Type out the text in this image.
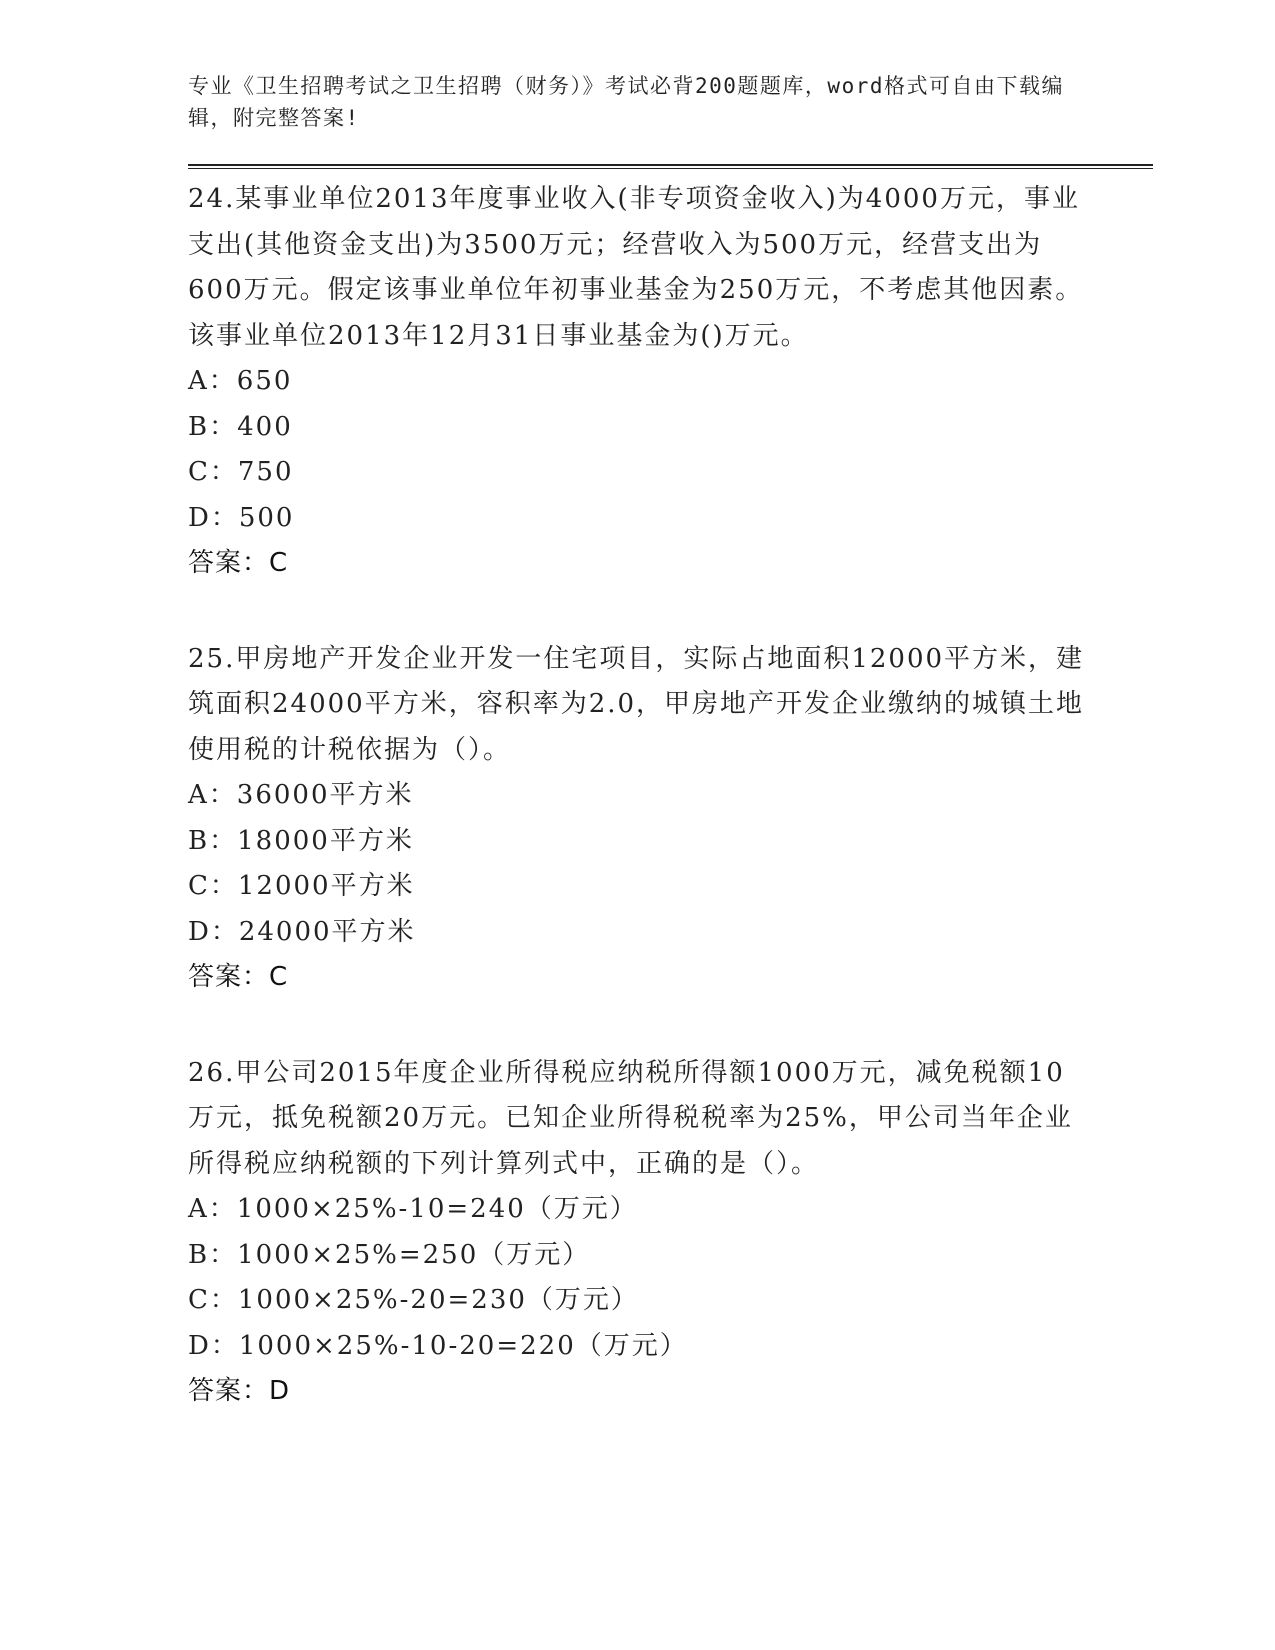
专业《卫生招聘考试之卫生招聘（财务）》考试必背200题题库，word格式可自由下载编辑，附完整答案!
24.某事业单位2013年度事业收入(非专项资金收入)为4000万元，事业支出(其他资金支出)为3500万元；经营收入为500万元，经营支出为600万元。假定该事业单位年初事业基金为250万元，不考虑其他因素。该事业单位2013年12月31日事业基金为()万元。
A：650
B：400
C：750
D：500
答案：C
25.甲房地产开发企业开发一住宅项目，实际占地面积12000平方米，建筑面积24000平方米，容积率为2.0，甲房地产开发企业缴纳的城镇土地使用税的计税依据为（）。
A：36000平方米
B：18000平方米
C：12000平方米
D：24000平方米
答案：C
26.甲公司2015年度企业所得税应纳税所得额1000万元，减免税额10万元，抵免税额20万元。已知企业所得税税率为25%，甲公司当年企业所得税应纳税额的下列计算列式中，正确的是（）。
A：1000×25%-10=240（万元）
B：1000×25%=250（万元）
C：1000×25%-20=230（万元）
D：1000×25%-10-20=220（万元）
答案：D
